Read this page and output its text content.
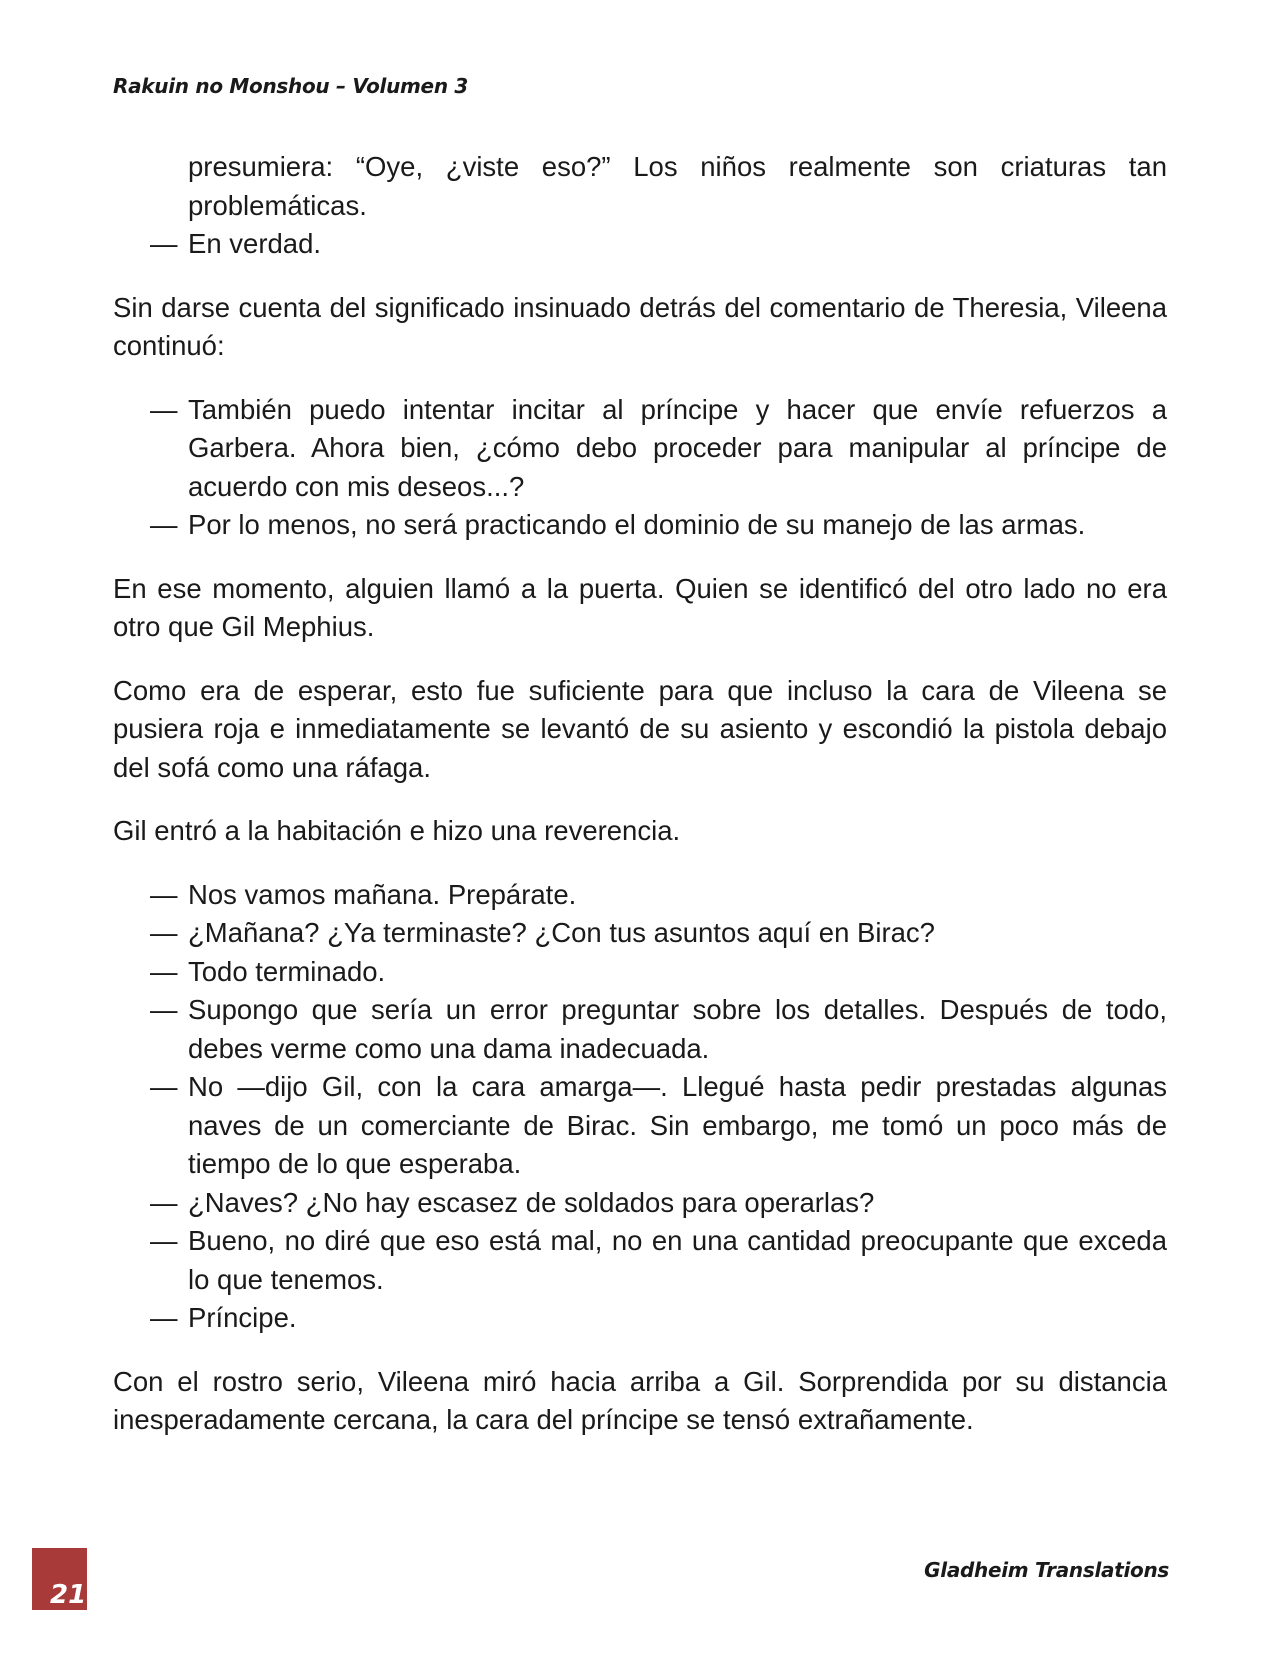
Rakuin no Monshou – Volumen 3

presumiera: “Oye, ¿viste eso?” Los niños realmente son criaturas tan problemáticas.

— En verdad.

Sin darse cuenta del significado insinuado detrás del comentario de Theresia, Vileena continuó:

— También puedo intentar incitar al príncipe y hacer que envíe refuerzos a Garbera. Ahora bien, ¿cómo debo proceder para manipular al príncipe de acuerdo con mis deseos...?

— Por lo menos, no será practicando el dominio de su manejo de las armas.

En ese momento, alguien llamó a la puerta. Quien se identificó del otro lado no era otro que Gil Mephius.

Como era de esperar, esto fue suficiente para que incluso la cara de Vileena se pusiera roja e inmediatamente se levantó de su asiento y escondió la pistola debajo del sofá como una ráfaga.

Gil entró a la habitación e hizo una reverencia.

— Nos vamos mañana. Prepárate.

— ¿Mañana? ¿Ya terminaste? ¿Con tus asuntos aquí en Birac?

— Todo terminado.

— Supongo que sería un error preguntar sobre los detalles. Después de todo, debes verme como una dama inadecuada.

— No —dijo Gil, con la cara amarga—. Llegué hasta pedir prestadas algunas naves de un comerciante de Birac. Sin embargo, me tomó un poco más de tiempo de lo que esperaba.

— ¿Naves? ¿No hay escasez de soldados para operarlas?

— Bueno, no diré que eso está mal, no en una cantidad preocupante que exceda lo que tenemos.

— Príncipe.

Con el rostro serio, Vileena miró hacia arriba a Gil. Sorprendida por su distancia inesperadamente cercana, la cara del príncipe se tensó extrañamente.

21
Gladheim Translations
